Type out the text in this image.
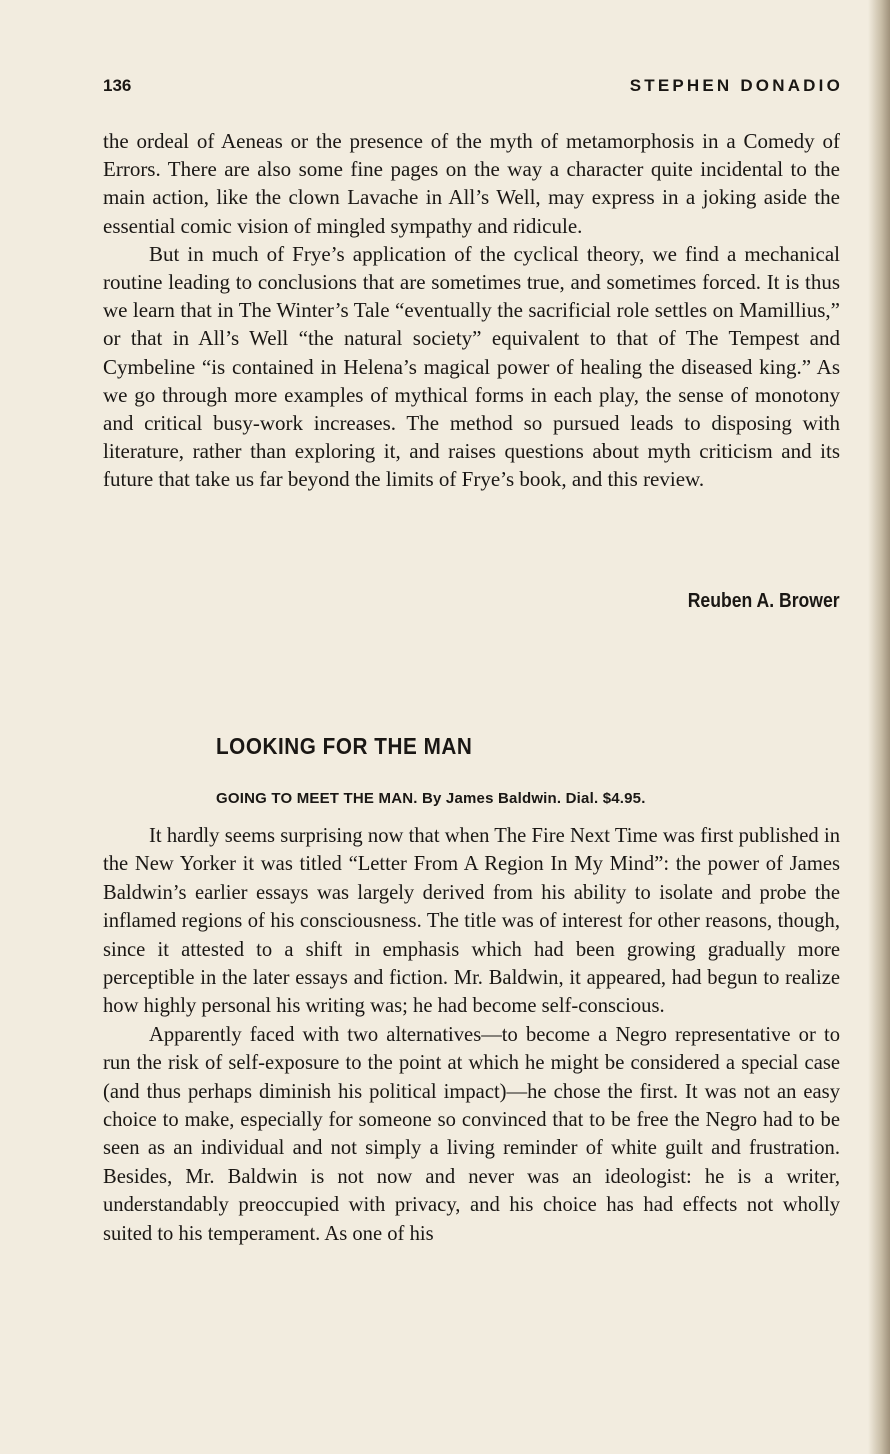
136	STEPHEN DONADIO

the ordeal of Aeneas or the presence of the myth of metamorphosis in a Comedy of Errors. There are also some fine pages on the way a character quite incidental to the main action, like the clown Lavache in All’s Well, may express in a joking aside the essential comic vision of mingled sympathy and ridicule.

But in much of Frye’s application of the cyclical theory, we find a mechanical routine leading to conclusions that are sometimes true, and sometimes forced. It is thus we learn that in The Winter’s Tale “eventually the sacrificial role settles on Mamillius,” or that in All’s Well “the natural society” equivalent to that of The Tempest and Cymbeline “is contained in Helena’s magical power of healing the diseased king.” As we go through more examples of mythical forms in each play, the sense of monotony and critical busy-work increases. The method so pursued leads to disposing with literature, rather than exploring it, and raises questions about myth criticism and its future that take us far beyond the limits of Frye’s book, and this review.

Reuben A. Brower
LOOKING FOR THE MAN
GOING TO MEET THE MAN. By James Baldwin. Dial. $4.95.

It hardly seems surprising now that when The Fire Next Time was first published in the New Yorker it was titled “Letter From A Region In My Mind”: the power of James Baldwin’s earlier essays was largely derived from his ability to isolate and probe the inflamed regions of his consciousness. The title was of interest for other reasons, though, since it attested to a shift in emphasis which had been growing gradually more perceptible in the later essays and fiction. Mr. Baldwin, it appeared, had begun to realize how highly personal his writing was; he had become self-conscious.

Apparently faced with two alternatives—to become a Negro representative or to run the risk of self-exposure to the point at which he might be considered a special case (and thus perhaps diminish his political impact)—he chose the first. It was not an easy choice to make, especially for someone so convinced that to be free the Negro had to be seen as an individual and not simply a living reminder of white guilt and frustration. Besides, Mr. Baldwin is not now and never was an ideologist: he is a writer, understandably preoccupied with privacy, and his choice has had effects not wholly suited to his temperament. As one of his
